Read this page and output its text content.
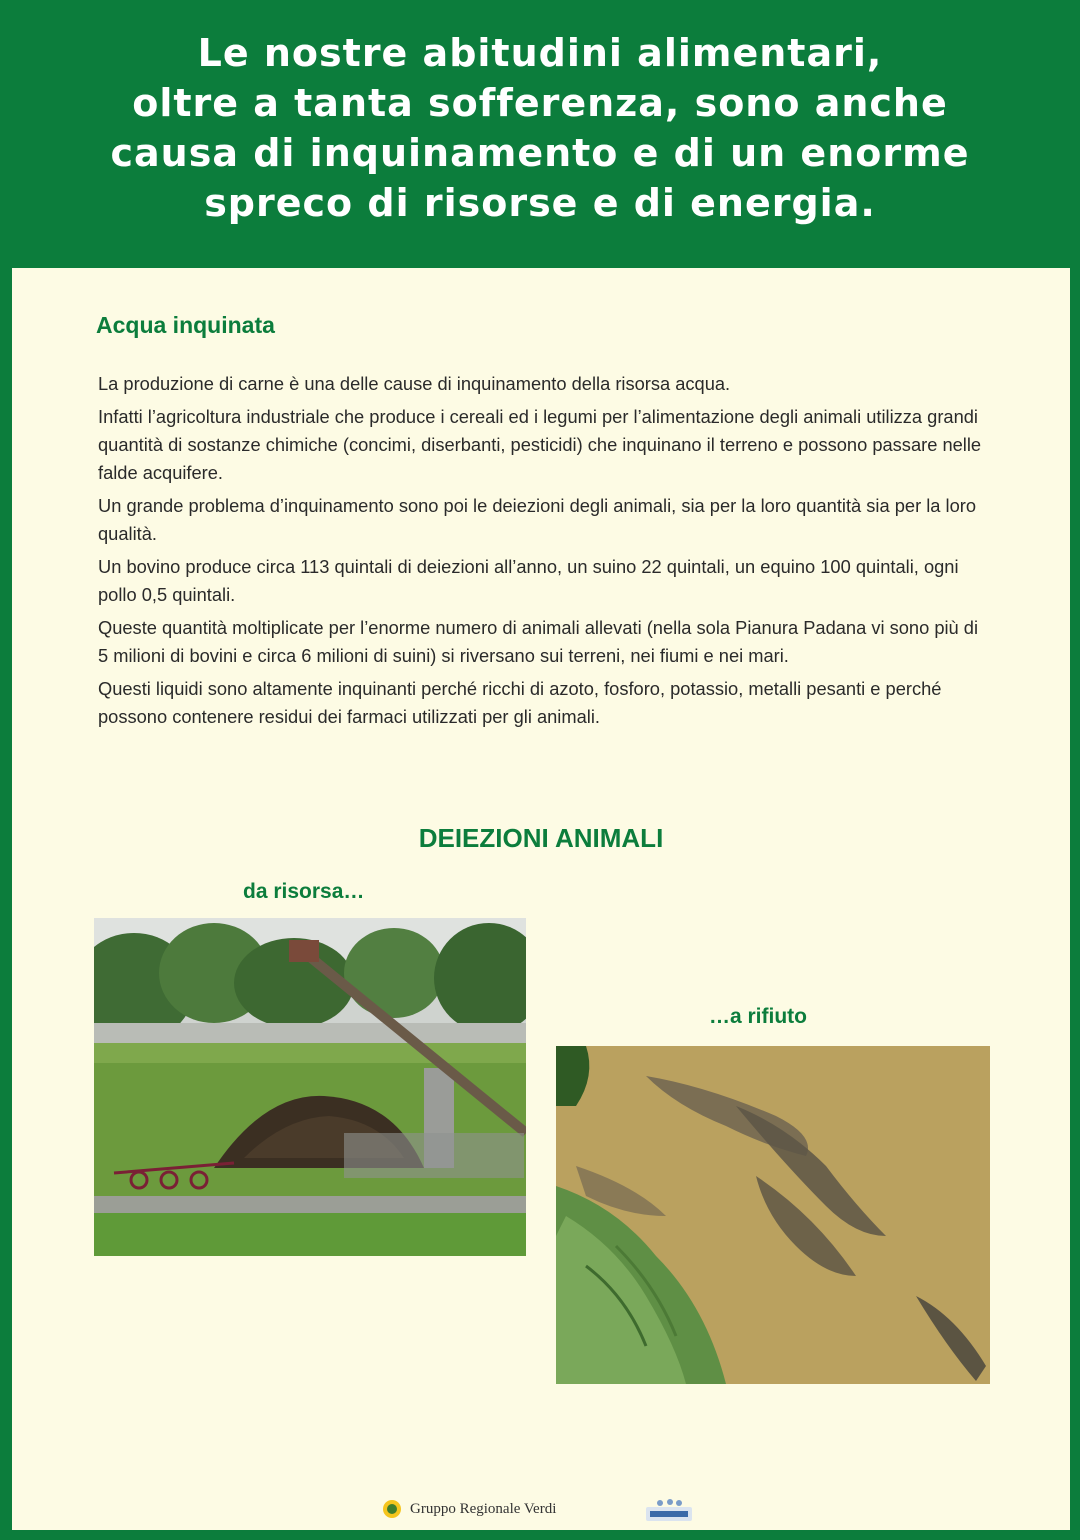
Le nostre abitudini alimentari,
oltre a tanta sofferenza, sono anche
causa di inquinamento e di un enorme
spreco di risorse e di energia.
Acqua inquinata

La produzione di carne è una delle cause di inquinamento della risorsa acqua.

Infatti l’agricoltura industriale che produce i cereali ed i legumi per l’alimentazione degli animali utilizza grandi quantità di sostanze chimiche (concimi, diserbanti, pesticidi) che inquinano il terreno e possono passare nelle falde acquifere.

Un grande problema d’inquinamento sono poi le deiezioni degli animali, sia per la loro quantità sia per la loro qualità.

Un bovino produce circa 113 quintali di deiezioni all’anno, un suino 22 quintali, un equino 100 quintali, ogni pollo 0,5 quintali.

Queste quantità moltiplicate per l’enorme numero di animali allevati (nella sola Pianura Padana vi sono più di 5 milioni di bovini e circa 6 milioni di suini) si riversano sui terreni, nei fiumi e nei mari.

Questi liquidi sono altamente inquinanti perché ricchi di azoto, fosforo, potassio, metalli pesanti e perché possono contenere residui dei farmaci utilizzati per gli animali.

DEIEZIONI ANIMALI
da risorsa…
…a rifiuto
Gruppo Regionale Verdi
